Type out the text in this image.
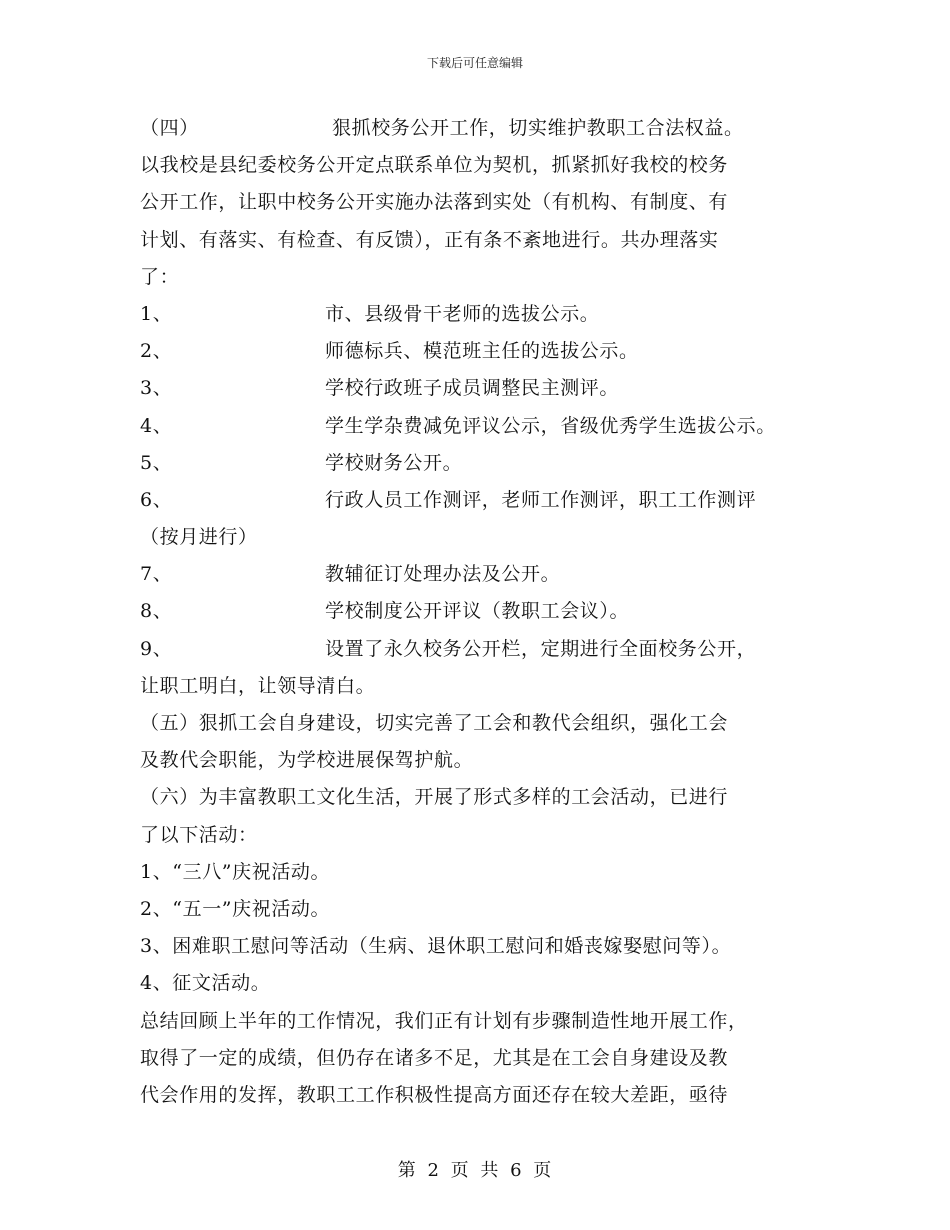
下载后可任意编辑
（四）	狠抓校务公开工作，切实维护教职工合法权益。
以我校是县纪委校务公开定点联系单位为契机，抓紧抓好我校的校务
公开工作，让职中校务公开实施办法落到实处（有机构、有制度、有
计划、有落实、有检查、有反馈），正有条不紊地进行。共办理落实
了：
1、	市、县级骨干老师的选拔公示。
2、	师德标兵、模范班主任的选拔公示。
3、	学校行政班子成员调整民主测评。
4、	学生学杂费减免评议公示，省级优秀学生选拔公示。
5、	学校财务公开。
6、	行政人员工作测评，老师工作测评，职工工作测评
（按月进行）
7、	教辅征订处理办法及公开。
8、	学校制度公开评议（教职工会议）。
9、	设置了永久校务公开栏，定期进行全面校务公开，
让职工明白，让领导清白。
（五）狠抓工会自身建设，切实完善了工会和教代会组织，强化工会
及教代会职能，为学校进展保驾护航。
（六）为丰富教职工文化生活，开展了形式多样的工会活动，已进行
了以下活动：
1、“三八”庆祝活动。
2、“五一”庆祝活动。
3、困难职工慰问等活动（生病、退休职工慰问和婚丧嫁娶慰问等）。
4、征文活动。
总结回顾上半年的工作情况，我们正有计划有步骤制造性地开展工作，
取得了一定的成绩，但仍存在诸多不足，尤其是在工会自身建设及教
代会作用的发挥，教职工工作积极性提高方面还存在较大差距，亟待
第 2 页 共 6 页
